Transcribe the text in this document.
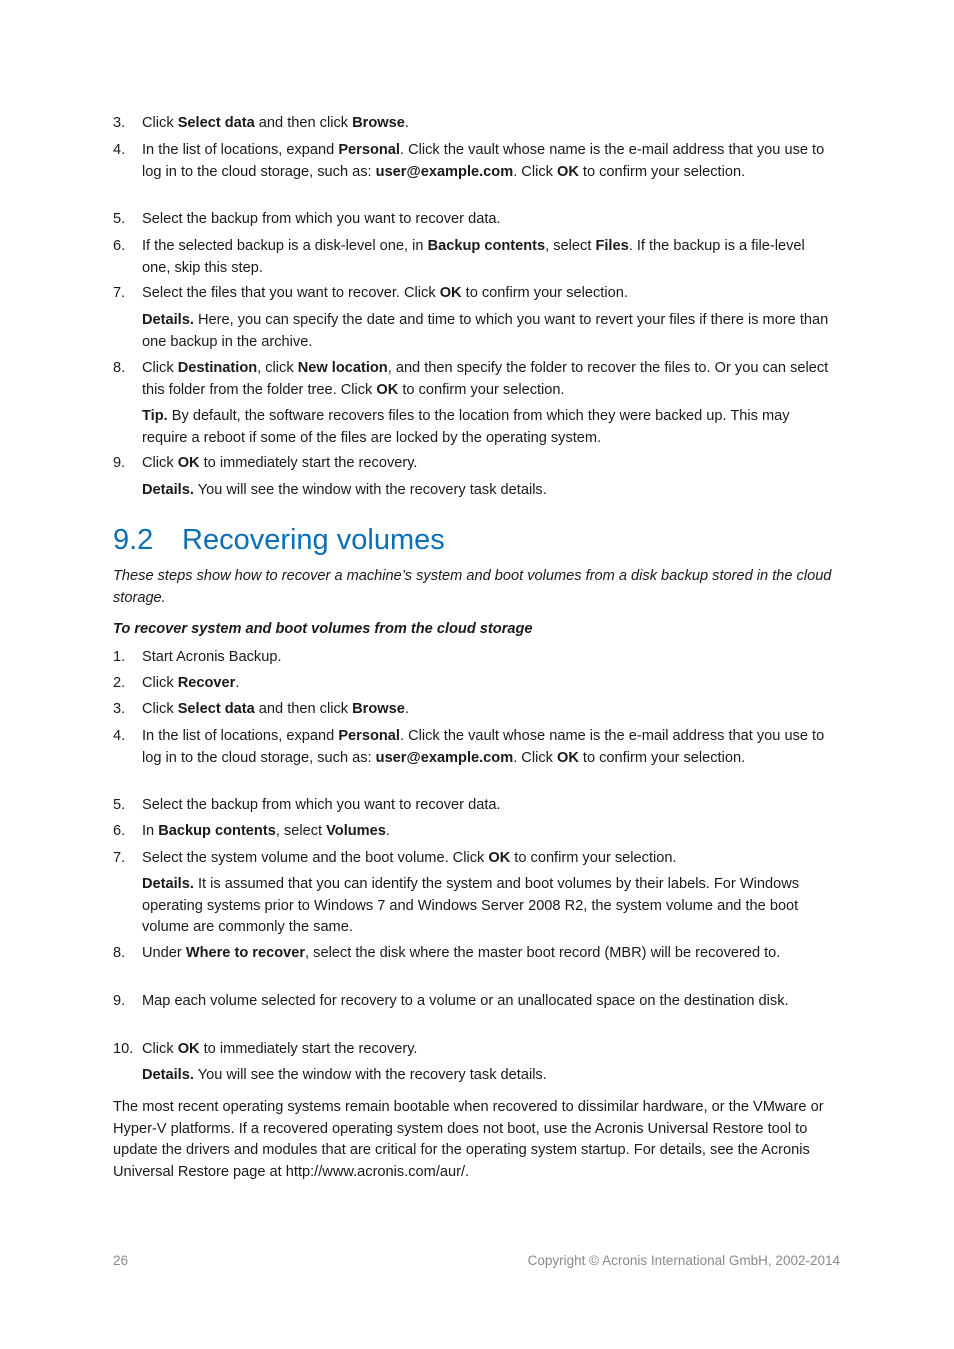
3.	Click Select data and then click Browse.
4.	In the list of locations, expand Personal. Click the vault whose name is the e-mail address that you use to log in to the cloud storage, such as: user@example.com. Click OK to confirm your selection.
5.	Select the backup from which you want to recover data.
6.	If the selected backup is a disk-level one, in Backup contents, select Files. If the backup is a file-level one, skip this step.
7.	Select the files that you want to recover. Click OK to confirm your selection.
Details. Here, you can specify the date and time to which you want to revert your files if there is more than one backup in the archive.
8.	Click Destination, click New location, and then specify the folder to recover the files to. Or you can select this folder from the folder tree. Click OK to confirm your selection.
Tip. By default, the software recovers files to the location from which they were backed up. This may require a reboot if some of the files are locked by the operating system.
9.	Click OK to immediately start the recovery.
Details. You will see the window with the recovery task details.
9.2 Recovering volumes
These steps show how to recover a machine’s system and boot volumes from a disk backup stored in the cloud storage.
To recover system and boot volumes from the cloud storage
1.	Start Acronis Backup.
2.	Click Recover.
3.	Click Select data and then click Browse.
4.	In the list of locations, expand Personal. Click the vault whose name is the e-mail address that you use to log in to the cloud storage, such as: user@example.com. Click OK to confirm your selection.
5.	Select the backup from which you want to recover data.
6.	In Backup contents, select Volumes.
7.	Select the system volume and the boot volume. Click OK to confirm your selection.
Details. It is assumed that you can identify the system and boot volumes by their labels. For Windows operating systems prior to Windows 7 and Windows Server 2008 R2, the system volume and the boot volume are commonly the same.
8.	Under Where to recover, select the disk where the master boot record (MBR) will be recovered to.
9.	Map each volume selected for recovery to a volume or an unallocated space on the destination disk.
10. Click OK to immediately start the recovery.
Details. You will see the window with the recovery task details.
The most recent operating systems remain bootable when recovered to dissimilar hardware, or the VMware or Hyper-V platforms. If a recovered operating system does not boot, use the Acronis Universal Restore tool to update the drivers and modules that are critical for the operating system startup. For details, see the Acronis Universal Restore page at http://www.acronis.com/aur/.
26	Copyright © Acronis International GmbH, 2002-2014
